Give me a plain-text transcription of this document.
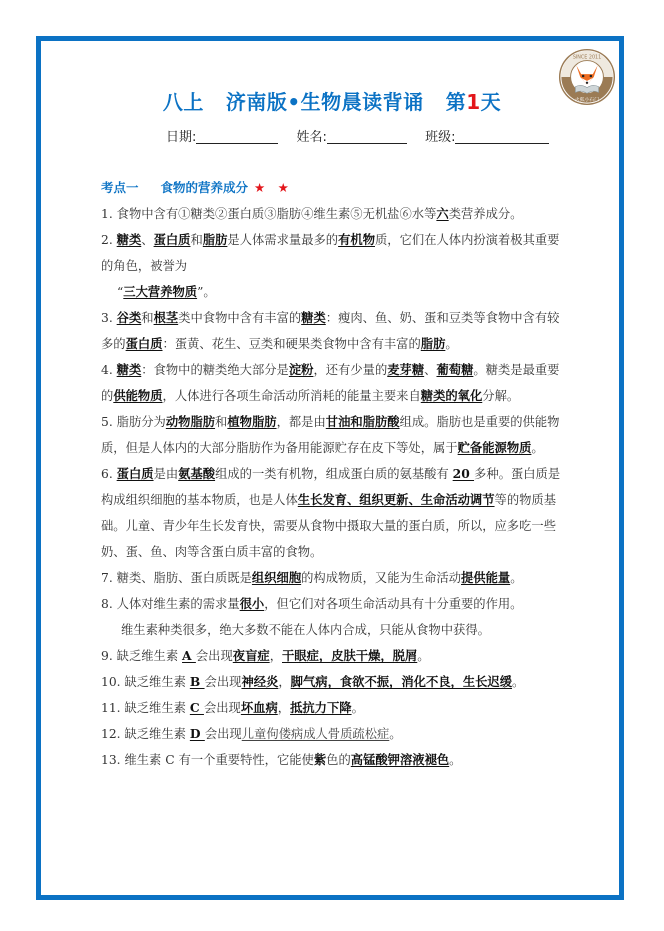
SINCE 2011
火狐小石门
八上 济南版•生物晨读背诵 第1天
日期:	姓名:	班级:
考点一 食物的营养成分 ★ ★

1. 食物中含有①糖类②蛋白质③脂肪④维生素⑤无机盐⑥水等六类营养成分。

2. 糖类、蛋白质和脂肪是人体需求量最多的有机物质，它们在人体内扮演着极其重要的角色，被誉为

“三大营养物质”。

3. 谷类和根茎类中食物中含有丰富的糖类：瘦肉、鱼、奶、蛋和豆类等食物中含有较多的蛋白质：蛋黄、花生、豆类和硬果类食物中含有丰富的脂肪。

4. 糖类：食物中的糖类绝大部分是淀粉，还有少量的麦芽糖、葡萄糖。糖类是最重要的供能物质，人体进行各项生命活动所消耗的能量主要来自糖类的氧化分解。

5. 脂肪分为动物脂肪和植物脂肪，都是由甘油和脂肪酸组成。脂肪也是重要的供能物质，但是人体内的大部分脂肪作为备用能源贮存在皮下等处，属于贮备能源物质。

6. 蛋白质是由氨基酸组成的一类有机物，组成蛋白质的氨基酸有 20 多种。蛋白质是构成组织细胞的基本物质，也是人体生长发育、组织更新、生命活动调节等的物质基础。儿童、青少年生长发育快，需要从食物中摄取大量的蛋白质，所以，应多吃一些奶、蛋、鱼、肉等含蛋白质丰富的食物。

7. 糖类、脂肪、蛋白质既是组织细胞的构成物质，又能为生命活动提供能量。

8. 人体对维生素的需求量很小，但它们对各项生命活动具有十分重要的作用。

维生素种类很多，绝大多数不能在人体内合成，只能从食物中获得。

9. 缺乏维生素 A 会出现夜盲症，干眼症，皮肤干燥，脱屑。

10. 缺乏维生素 B 会出现神经炎，脚气病，食欲不振，消化不良，生长迟缓。

11. 缺乏维生素 C 会出现坏血病，抵抗力下降。

12. 缺乏维生素 D 会出现儿童佝偻病成人骨质疏松症。

13. 维生素 C 有一个重要特性，它能使紫色的高锰酸钾溶液褪色。
